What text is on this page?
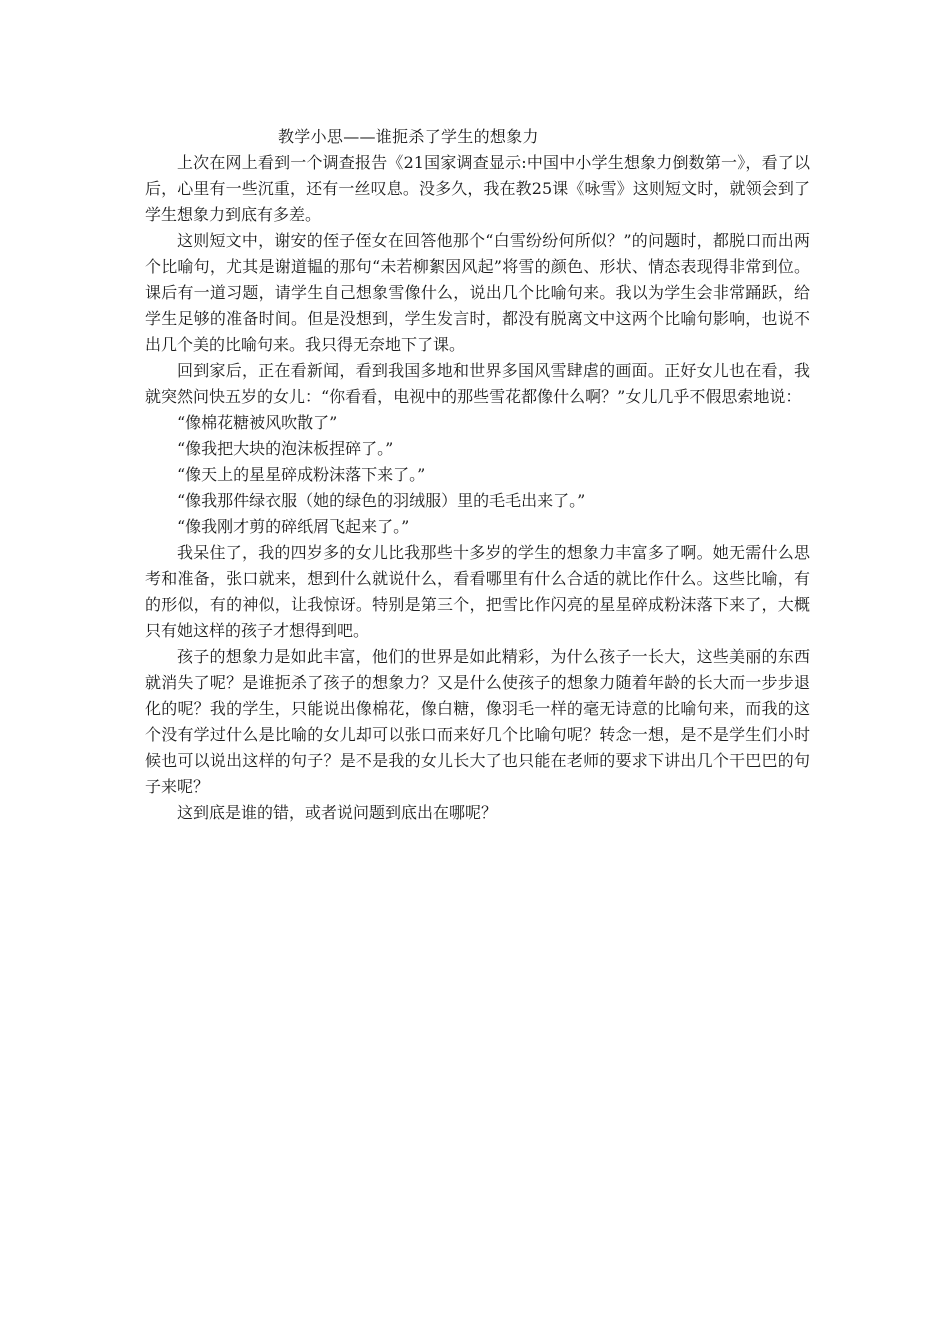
教学小思——谁扼杀了学生的想象力

上次在网上看到一个调查报告《21国家调查显示:中国中小学生想象力倒数第一》，看了以后，心里有一些沉重，还有一丝叹息。没多久，我在教25课《咏雪》这则短文时，就领会到了学生想象力到底有多差。

这则短文中，谢安的侄子侄女在回答他那个“白雪纷纷何所似？”的问题时，都脱口而出两个比喻句，尤其是谢道韫的那句“未若柳絮因风起”将雪的颜色、形状、情态表现得非常到位。课后有一道习题，请学生自己想象雪像什么，说出几个比喻句来。我以为学生会非常踊跃，给学生足够的准备时间。但是没想到，学生发言时，都没有脱离文中这两个比喻句影响，也说不出几个美的比喻句来。我只得无奈地下了课。

回到家后，正在看新闻，看到我国多地和世界多国风雪肆虐的画面。正好女儿也在看，我就突然问快五岁的女儿：“你看看，电视中的那些雪花都像什么啊？”女儿几乎不假思索地说：

“像棉花糖被风吹散了”

“像我把大块的泡沫板捏碎了。”

“像天上的星星碎成粉沫落下来了。”

“像我那件绿衣服（她的绿色的羽绒服）里的毛毛出来了。”

“像我刚才剪的碎纸屑飞起来了。”

我呆住了，我的四岁多的女儿比我那些十多岁的学生的想象力丰富多了啊。她无需什么思考和准备，张口就来，想到什么就说什么，看看哪里有什么合适的就比作什么。这些比喻，有的形似，有的神似，让我惊讶。特别是第三个，把雪比作闪亮的星星碎成粉沫落下来了，大概只有她这样的孩子才想得到吧。

孩子的想象力是如此丰富，他们的世界是如此精彩，为什么孩子一长大，这些美丽的东西就消失了呢？是谁扼杀了孩子的想象力？又是什么使孩子的想象力随着年龄的长大而一步步退化的呢？我的学生，只能说出像棉花，像白糖，像羽毛一样的毫无诗意的比喻句来，而我的这个没有学过什么是比喻的女儿却可以张口而来好几个比喻句呢？转念一想，是不是学生们小时候也可以说出这样的句子？是不是我的女儿长大了也只能在老师的要求下讲出几个干巴巴的句子来呢？

这到底是谁的错，或者说问题到底出在哪呢？
